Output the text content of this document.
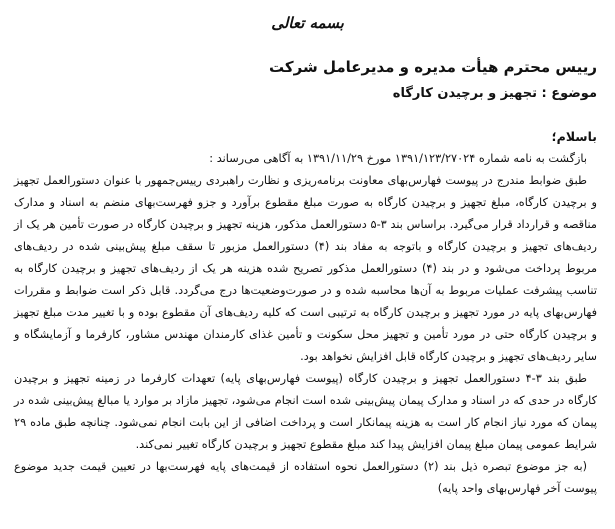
بسمه تعالی
رییس محترم هیأت مدیره و مدیرعامل شرکت
موضوع : تجهیز و برچیدن کارگاه
باسلام؛

بازگشت به نامه شماره ۱۳۹۱/۱۲۳/۲۷۰۲۴ مورخ ۱۳۹۱/۱۱/۲۹ به آگاهی می‌رساند :

طبق ضوابط مندرج در پیوست فهارس‌بهای معاونت برنامه‌ریزی و نظارت راهبردی رییس‌جمهور با عنوان دستورالعمل تجهیز و برچیدن کارگاه، مبلغ تجهیز و برچیدن کارگاه به صورت مبلغ مقطوع برآورد و جزو فهرست‌بهای منضم به اسناد و مدارک مناقصه و قرارداد قرار می‌گیرد. براساس بند ۳-۵ دستورالعمل مذکور، هزینه تجهیز و برچیدن کارگاه در صورت تأمین هر یک از ردیف‌های تجهیز و برچیدن کارگاه و باتوجه به مفاد بند (۴) دستورالعمل مزبور تا سقف مبلغ پیش‌بینی شده در ردیف‌های مربوط پرداخت می‌شود و در بند (۴) دستورالعمل مذکور تصریح شده هزینه هر یک از ردیف‌های تجهیز و برچیدن کارگاه به تناسب پیشرفت عملیات مربوط به آن‌ها محاسبه شده و در صورت‌وضعیت‌ها درج می‌گردد. قابل ذکر است ضوابط و مقررات فهارس‌بهای پایه در مورد تجهیز و برچیدن کارگاه به ترتیبی است که کلیه ردیف‌های آن مقطوع بوده و با تغییر مدت مبلغ تجهیز و برچیدن کارگاه حتی در مورد تأمین و تجهیز محل سکونت و تأمین غذای کارمندان مهندس مشاور، کارفرما و آزمایشگاه و سایر ردیف‌های تجهیز و برچیدن کارگاه قابل افزایش نخواهد بود.

طبق بند ۳-۴ دستورالعمل تجهیز و برچیدن کارگاه (پیوست فهارس‌بهای پایه) تعهدات کارفرما در زمینه تجهیز و برچیدن کارگاه در حدی که در اسناد و مدارک پیمان پیش‌بینی شده است انجام می‌شود، تجهیز مازاد بر موارد یا مبالغ پیش‌بینی شده در پیمان که مورد نیاز انجام کار است به هزینه پیمانکار است و پرداخت اضافی از این بابت انجام نمی‌شود. چنانچه طبق ماده ۲۹ شرایط عمومی پیمان مبلغ پیمان افزایش پیدا کند مبلغ مقطوع تجهیز و برچیدن کارگاه تغییر نمی‌کند.

(به جز موضوع تبصره ذیل بند (۲) دستورالعمل نحوه استفاده از قیمت‌های پایه فهرست‌بها در تعیین قیمت جدید موضوع پیوست آخر فهارس‌بهای واحد پایه)
